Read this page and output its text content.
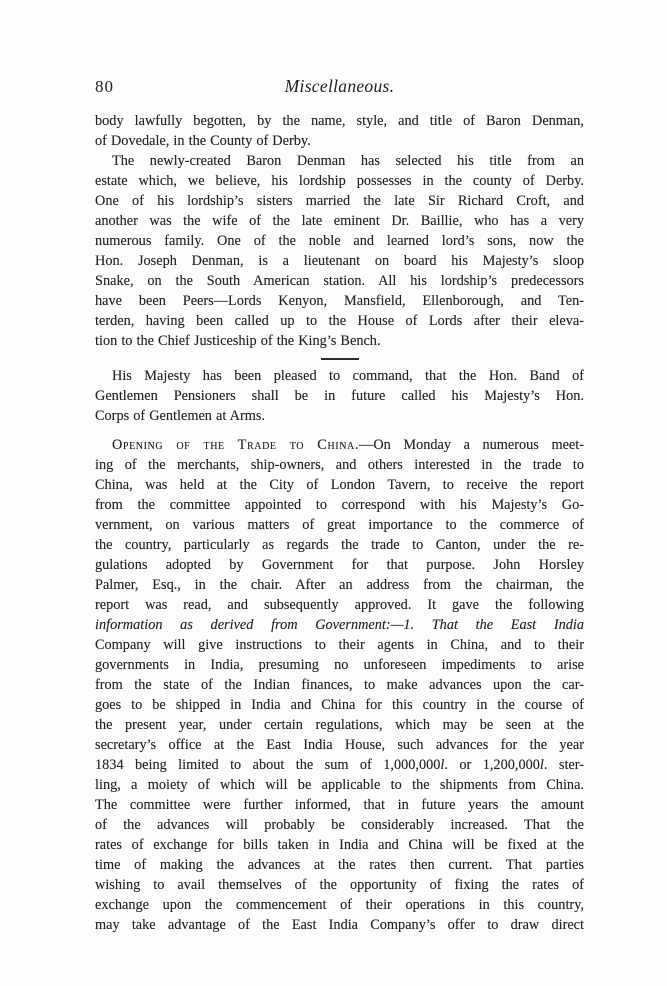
80	Miscellaneous.
body lawfully begotten, by the name, style, and title of Baron Denman,
of Dovedale, in the County of Derby.
The newly-created Baron Denman has selected his title from an
estate which, we believe, his lordship possesses in the county of Derby.
One of his lordship’s sisters married the late Sir Richard Croft, and
another was the wife of the late eminent Dr. Baillie, who has a very
numerous family. One of the noble and learned lord’s sons, now the
Hon. Joseph Denman, is a lieutenant on board his Majesty’s sloop
Snake, on the South American station. All his lordship’s predecessors
have been Peers—Lords Kenyon, Mansfield, Ellenborough, and Ten-
terden, having been called up to the House of Lords after their eleva-
tion to the Chief Justiceship of the King’s Bench.
His Majesty has been pleased to command, that the Hon. Band of
Gentlemen Pensioners shall be in future called his Majesty’s Hon.
Corps of Gentlemen at Arms.
Opening of the Trade to China.—On Monday a numerous meet-
ing of the merchants, ship-owners, and others interested in the trade to
China, was held at the City of London Tavern, to receive the report
from the committee appointed to correspond with his Majesty’s Go-
vernment, on various matters of great importance to the commerce of
the country, particularly as regards the trade to Canton, under the re-
gulations adopted by Government for that purpose. John Horsley
Palmer, Esq., in the chair. After an address from the chairman, the
report was read, and subsequently approved. It gave the following
information as derived from Government:—1. That the East India
Company will give instructions to their agents in China, and to their
governments in India, presuming no unforeseen impediments to arise
from the state of the Indian finances, to make advances upon the car-
goes to be shipped in India and China for this country in the course of
the present year, under certain regulations, which may be seen at the
secretary’s office at the East India House, such advances for the year
1834 being limited to about the sum of 1,000,000l. or 1,200,000l. ster-
ling, a moiety of which will be applicable to the shipments from China.
The committee were further informed, that in future years the amount
of the advances will probably be considerably increased. That the
rates of exchange for bills taken in India and China will be fixed at the
time of making the advances at the rates then current. That parties
wishing to avail themselves of the opportunity of fixing the rates of
exchange upon the commencement of their operations in this country,
may take advantage of the East India Company’s offer to draw direct
